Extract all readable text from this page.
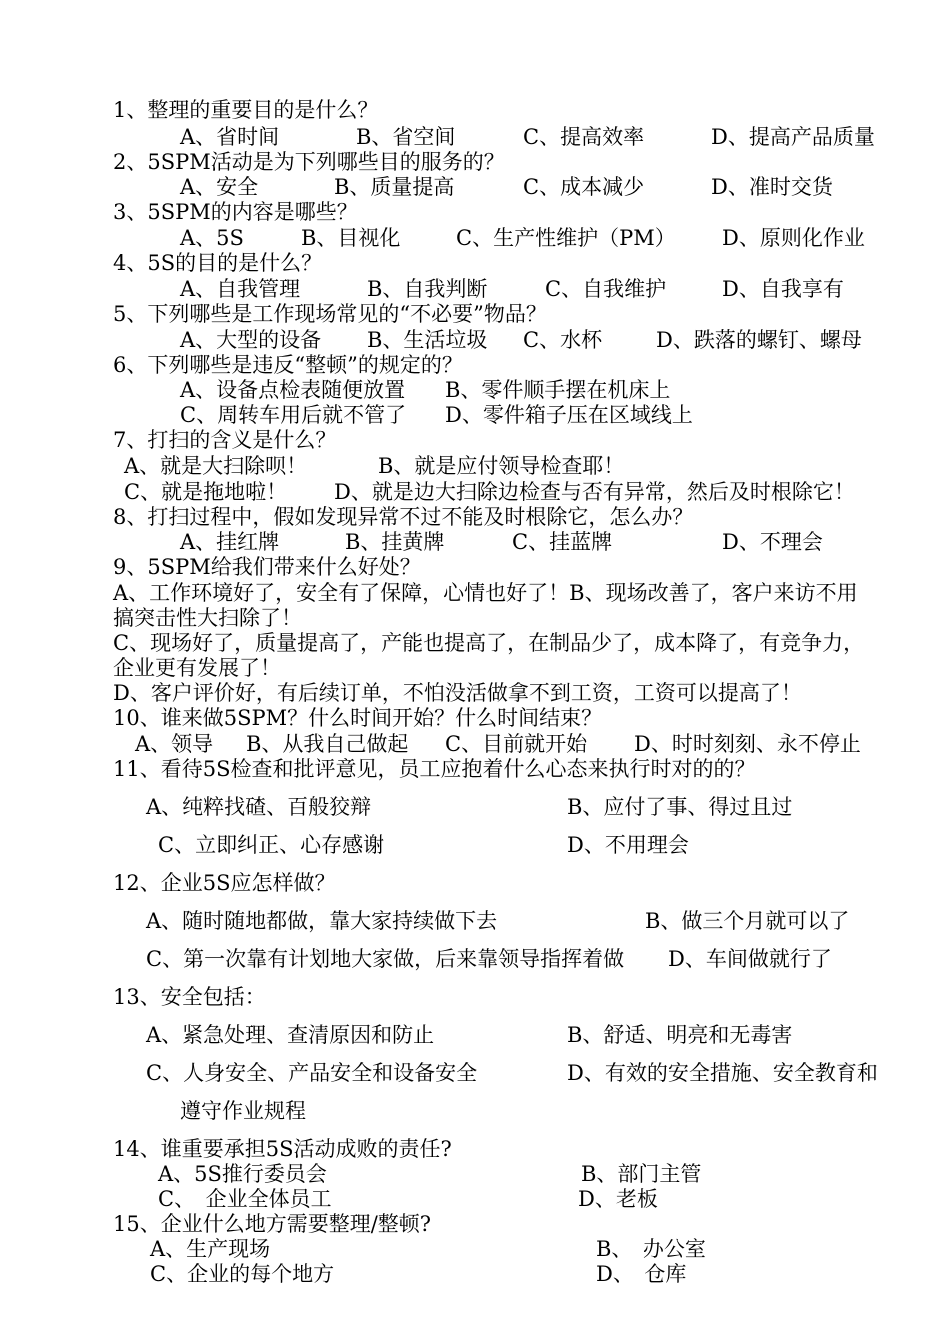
1、整理的重要目的是什么？
A、省时间	B、省空间	C、提高效率	D、提高产品质量
2、5SPM活动是为下列哪些目的服务的？
A、安全	B、质量提高	C、成本减少	D、准时交货
3、5SPM的内容是哪些？
A、5S	B、目视化	C、生产性维护（PM） D、原则化作业
4、5S的目的是什么？
A、自我管理	B、自我判断	C、自我维护	D、自我享有
5、下列哪些是工作现场常见的“不必要”物品？
A、大型的设备 B、生活垃圾 C、水杯	D、跌落的螺钉、螺母
6、下列哪些是违反“整顿”的规定的？
A、设备点检表随便放置 B、零件顺手摆在机床上
C、周转车用后就不管了 D、零件箱子压在区域线上
7、打扫的含义是什么？
A、就是大扫除呗！	B、就是应付领导检查耶！
C、就是拖地啦！ D、就是边大扫除边检查与否有异常，然后及时根除它！
8、打扫过程中，假如发现异常不过不能及时根除它，怎么办？
A、挂红牌	B、挂黄牌	C、挂蓝牌	D、不理会
9、5SPM给我们带来什么好处？
A、工作环境好了，安全有了保障，心情也好了！B、现场改善了，客户来访不用
搞突击性大扫除了！
C、现场好了，质量提高了，产能也提高了，在制品少了，成本降了，有竞争力，
企业更有发展了！
D、客户评价好，有后续订单，不怕没活做拿不到工资，工资可以提高了！
10、谁来做5SPM？什么时间开始？什么时间结束？
A、领导 B、从我自己做起 C、目前就开始 D、时时刻刻、永不停止
11、看待5S检查和批评意见，员工应抱着什么心态来执行时对的的？
A、纯粹找碴、百般狡辩	B、应付了事、得过且过
C、立即纠正、心存感谢	D、不用理会
12、企业5S应怎样做？
A、随时随地都做，靠大家持续做下去	B、做三个月就可以了
C、第一次靠有计划地大家做，后来靠领导指挥着做 D、车间做就行了
13、安全包括：
A、紧急处理、查清原因和防止	B、舒适、明亮和无毒害
C、人身安全、产品安全和设备安全	D、有效的安全措施、安全教育和
遵守作业规程
14、谁重要承担5S活动成败的责任?
A、5S推行委员会	B、部门主管
C、　企业全体员工	D、老板
15、企业什么地方需要整理/整顿?
A、生产现场	B、　办公室
C、企业的每个地方	D、　仓库
